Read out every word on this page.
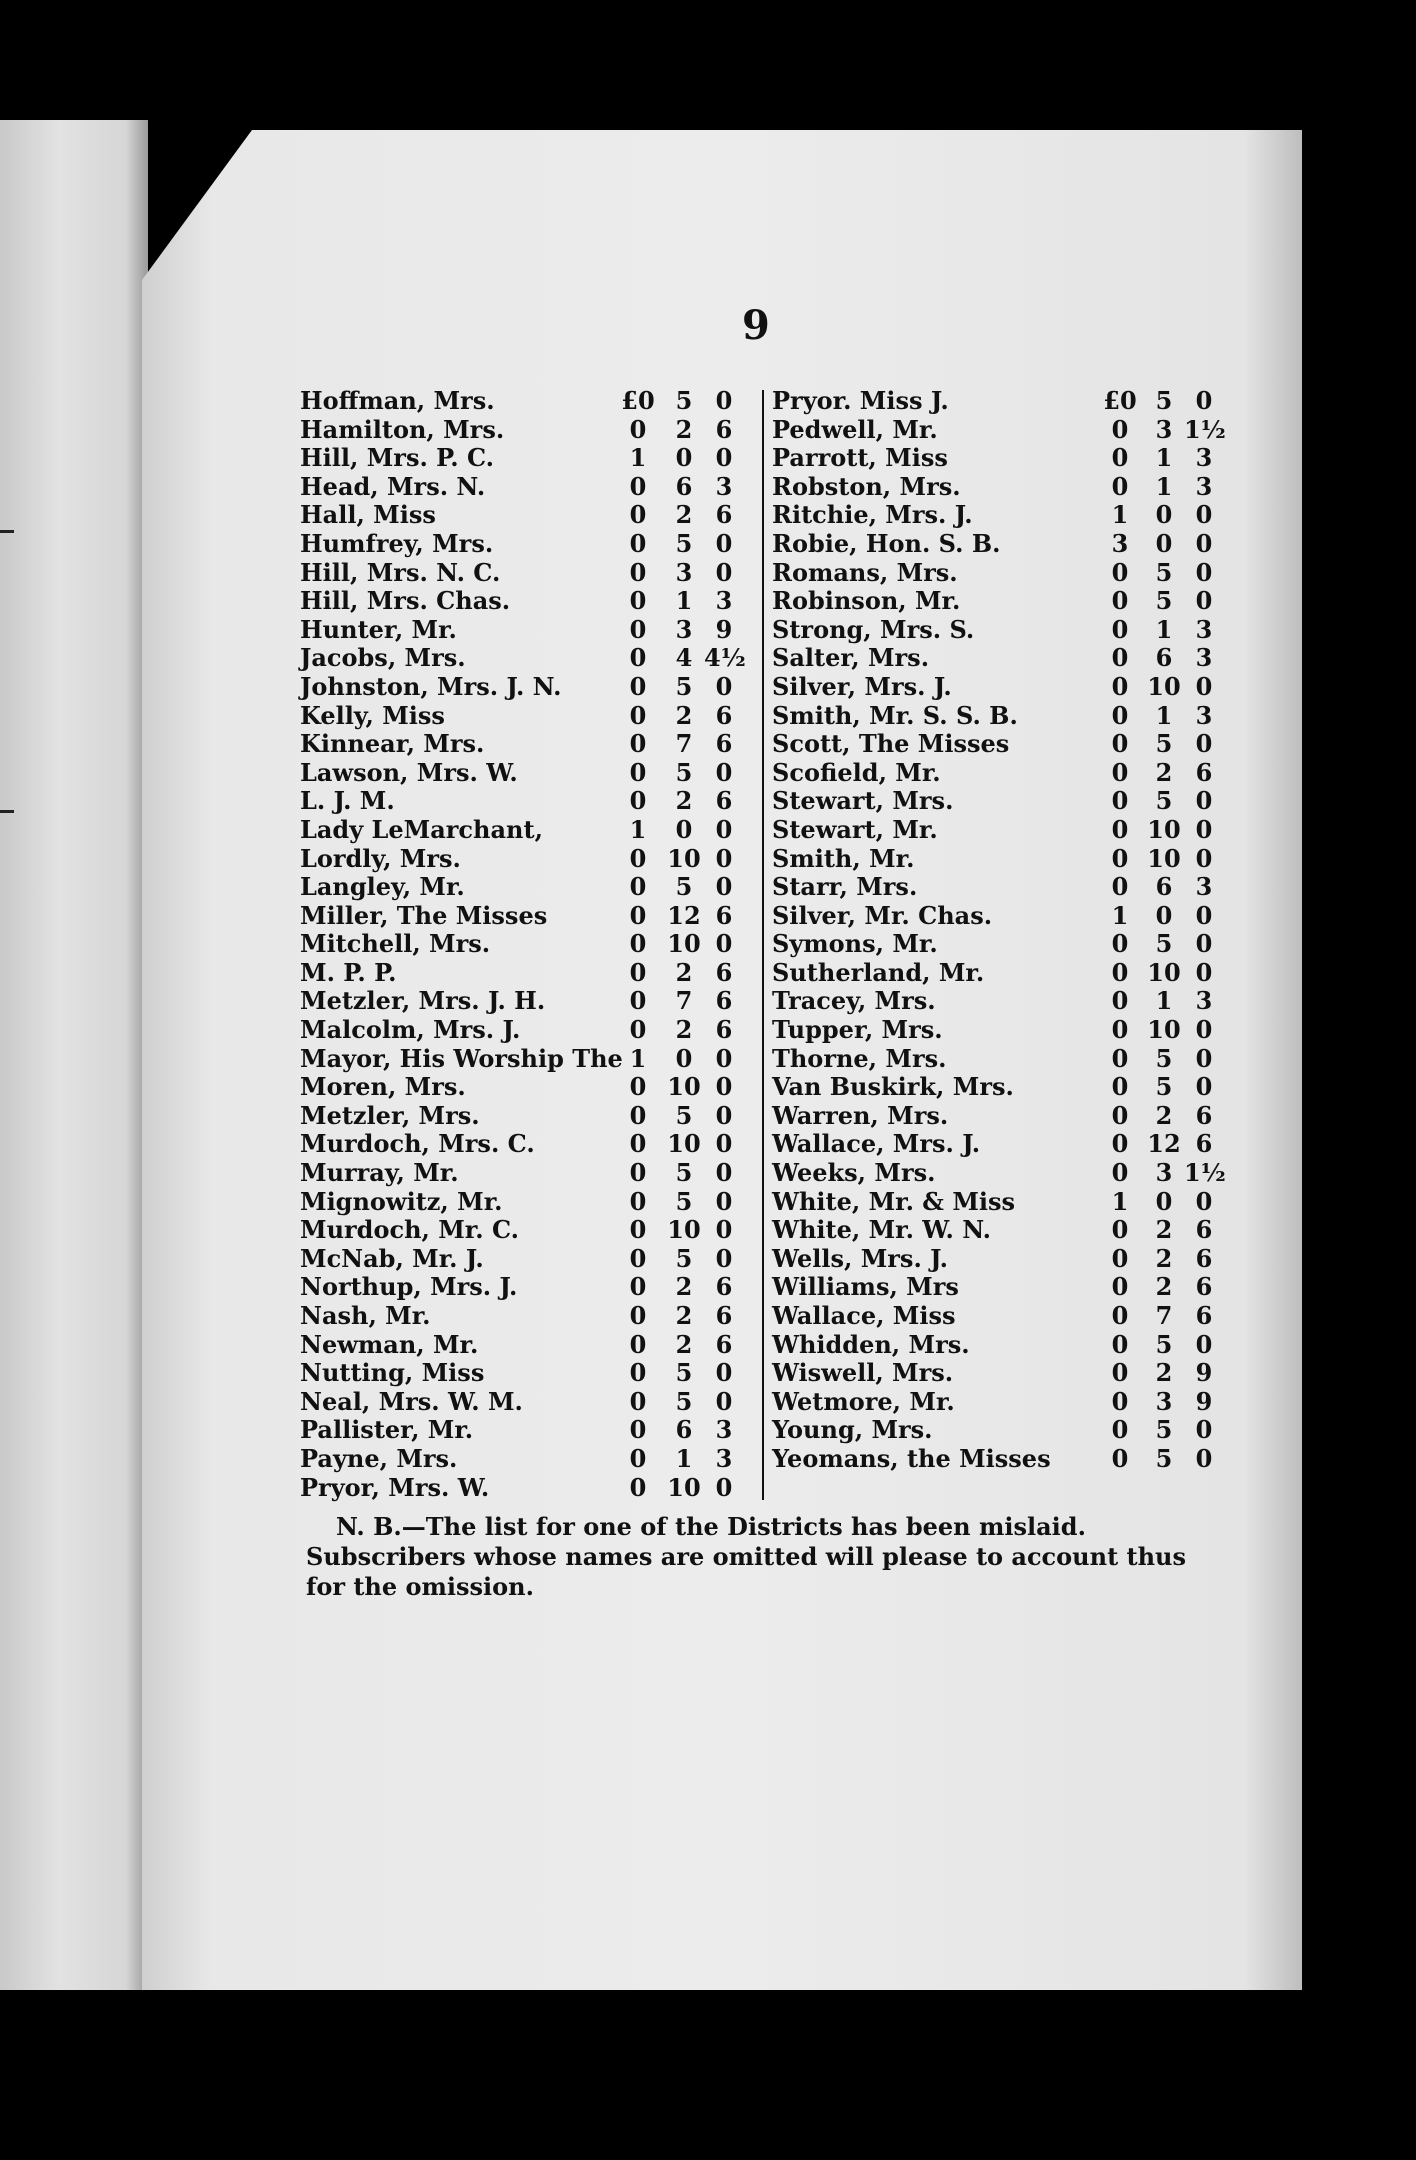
9
Hoffman, Mrs.	£0 5 0
Hamilton, Mrs.	0	2 6
Hill, Mrs. P. C.	1	0 0
Head, Mrs. N.	0	6 3
Hall, Miss	0	2 6
Humfrey, Mrs.	0	5 0
Hill, Mrs. N. C.	0	3 0
Hill, Mrs. Chas.	0	1 3
Hunter, Mr.	0	3 9
Jacobs, Mrs.	0	4 4½
Johnston, Mrs. J. N.	0	5 0
Kelly, Miss	0	2 6
Kinnear, Mrs.	0	7 6
Lawson, Mrs. W.	0	5 0
L. J. M.	0	2 6
Lady LeMarchant,	1	0 0
Lordly, Mrs.	0 10 0
Langley, Mr.	0	5 0
Miller, The Misses	0 12 6
Mitchell, Mrs.	0 10 0
M. P. P.	0	2 6
Metzler, Mrs. J. H.	0	7 6
Malcolm, Mrs. J.	0	2 6
Mayor, His Worship The 1	0 0
Moren, Mrs.	0 10 0
Metzler, Mrs.	0	5 0
Murdoch, Mrs. C.	0 10 0
Murray, Mr.	0	5 0
Mignowitz, Mr.	0	5 0
Murdoch, Mr. C.	0 10 0
McNab, Mr. J.	0	5 0
Northup, Mrs. J.	0	2 6
Nash, Mr.	0	2 6
Newman, Mr.	0	2 6
Nutting, Miss	0	5 0
Neal, Mrs. W. M.	0	5 0
Pallister, Mr.	0	6 3
Payne, Mrs.	0	1 3
Pryor, Mrs. W.	0 10 0
Pryor. Miss J.	£0 5 0
Pedwell, Mr.	0	3 1½
Parrott, Miss	0	1 3
Robston, Mrs.	0	1 3
Ritchie, Mrs. J.	1	0 0
Robie, Hon. S. B.	3	0 0
Romans, Mrs.	0	5 0
Robinson, Mr.	0	5 0
Strong, Mrs. S.	0	1 3
Salter, Mrs.	0	6 3
Silver, Mrs. J.	0 10 0
Smith, Mr. S. S. B.	0	1 3
Scott, The Misses	0	5 0
Scofield, Mr.	0	2 6
Stewart, Mrs.	0	5 0
Stewart, Mr.	0 10 0
Smith, Mr.	0 10 0
Starr, Mrs.	0	6 3
Silver, Mr. Chas.	1	0 0
Symons, Mr.	0	5 0
Sutherland, Mr.	0 10 0
Tracey, Mrs.	0	1 3
Tupper, Mrs.	0 10 0
Thorne, Mrs.	0	5 0
Van Buskirk, Mrs.	0	5 0
Warren, Mrs.	0	2 6
Wallace, Mrs. J.	0 12 6
Weeks, Mrs.	0	3 1½
White, Mr. & Miss	1	0 0
White, Mr. W. N.	0	2 6
Wells, Mrs. J.	0	2 6
Williams, Mrs	0	2 6
Wallace, Miss	0	7 6
Whidden, Mrs.	0	5 0
Wiswell, Mrs.	0	2 9
Wetmore, Mr.	0	3 9
Young, Mrs.	0	5 0
Yeomans, the Misses	0	5 0
N. B.—The list for one of the Districts has been mislaid. Subscribers whose names are omitted will please to account thus for the omission.
